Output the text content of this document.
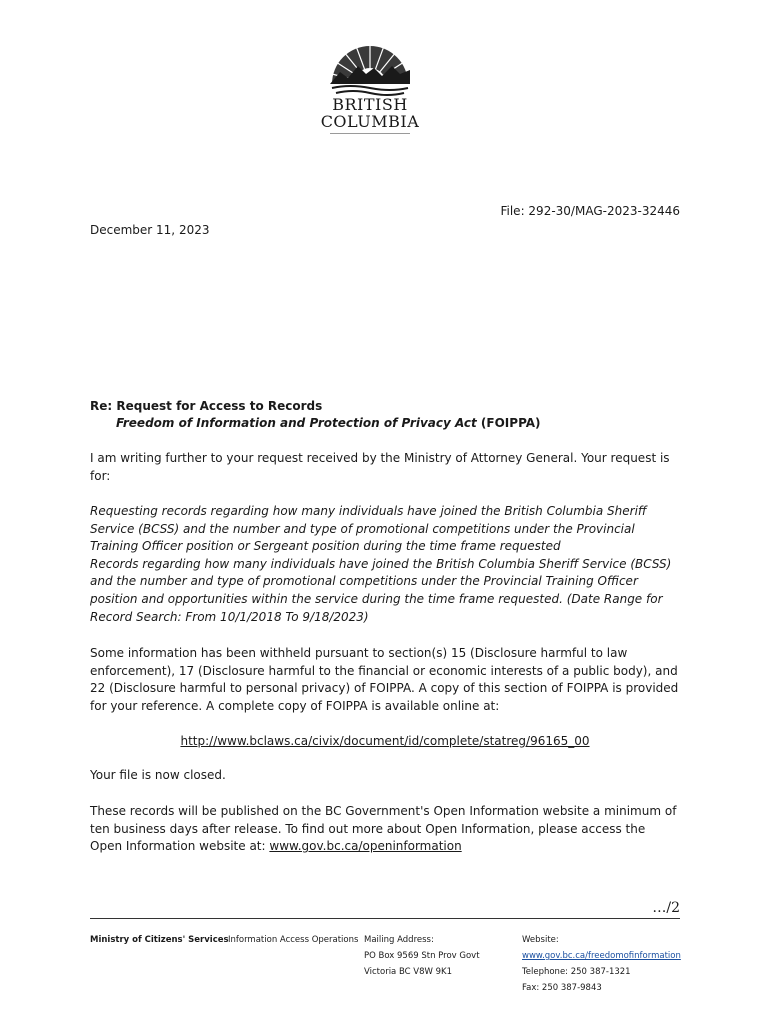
BRITISH
COLUMBIA
File: 292-30/MAG-2023-32446
December 11, 2023
Re: Request for Access to Records
Freedom of Information and Protection of Privacy Act (FOIPPA)
I am writing further to your request received by the Ministry of Attorney General. Your request is for:
Requesting records regarding how many individuals have joined the British Columbia Sheriff Service (BCSS) and the number and type of promotional competitions under the Provincial Training Officer position or Sergeant position during the time frame requested
Records regarding how many individuals have joined the British Columbia Sheriff Service (BCSS) and the number and type of promotional competitions under the Provincial Training Officer position and opportunities within the service during the time frame requested. (Date Range for Record Search: From 10/1/2018 To 9/18/2023)
Some information has been withheld pursuant to section(s) 15 (Disclosure harmful to law enforcement), 17 (Disclosure harmful to the financial or economic interests of a public body), and 22 (Disclosure harmful to personal privacy) of FOIPPA. A copy of this section of FOIPPA is provided for your reference. A complete copy of FOIPPA is available online at:
http://www.bclaws.ca/civix/document/id/complete/statreg/96165_00
Your file is now closed.
These records will be published on the BC Government's Open Information website a minimum of ten business days after release. To find out more about Open Information, please access the Open Information website at: www.gov.bc.ca/openinformation
…/2
Ministry of Citizens' Services Information Access Operations Mailing Address:
PO Box 9569 Stn Prov Govt
Victoria BC V8W 9K1
Website:
www.gov.bc.ca/freedomofinformation
Telephone: 250 387-1321
Fax: 250 387-9843
